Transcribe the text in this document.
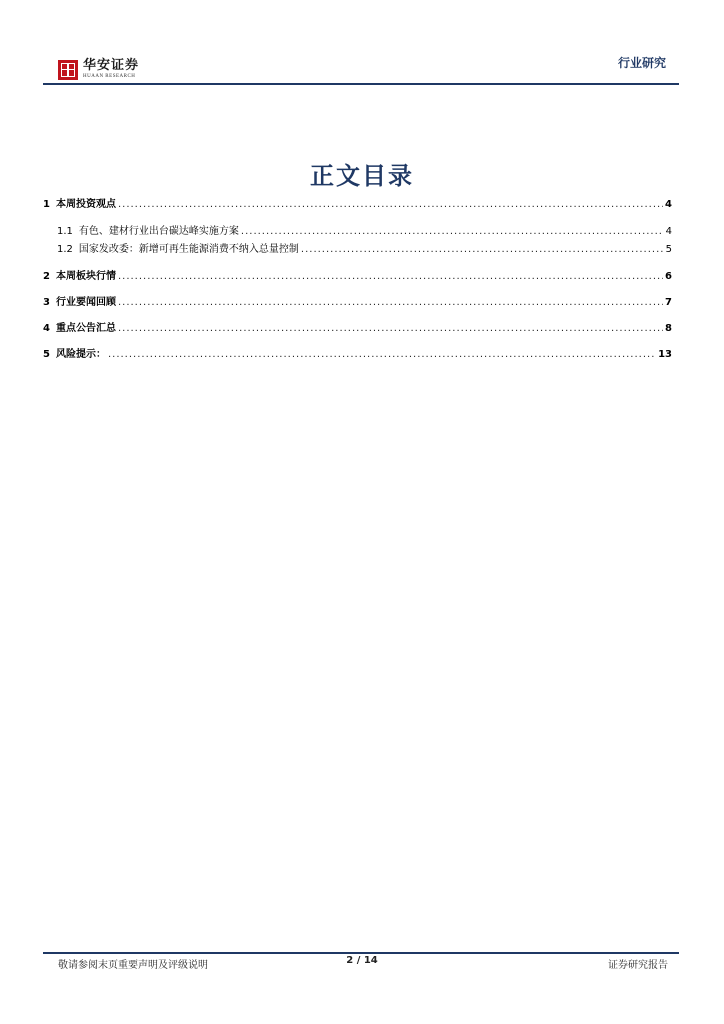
华安证券
HUAAN RESEARCH
行业研究
正文目录
1 本周投资观点 .....	4
1.1 有色、建材行业出台碳达峰实施方案 .....	4
1.2 国家发改委：新增可再生能源消费不纳入总量控制 .....	5
2 本周板块行情 .....	6
3 行业要闻回顾 .....	7
4 重点公告汇总 .....	8
5 风险提示： .....	13
敬请参阅末页重要声明及评级说明	2 / 14	证券研究报告
